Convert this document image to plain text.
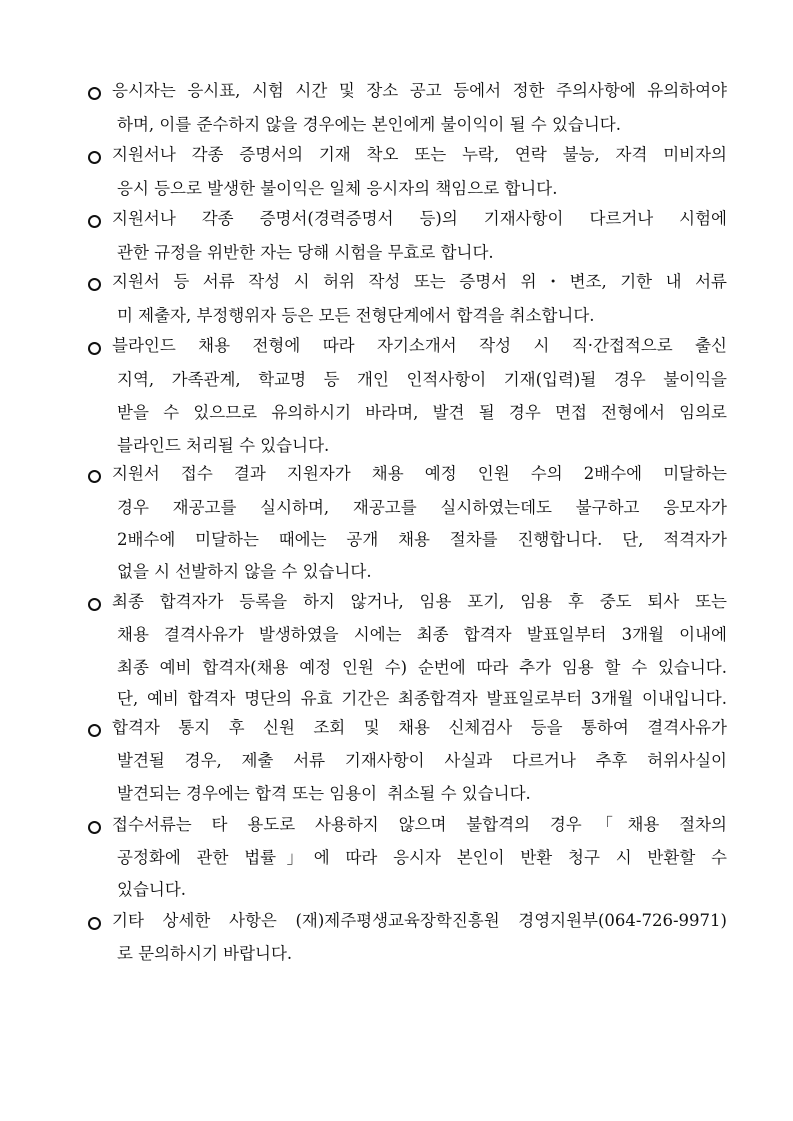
응시자는 응시표, 시험 시간 및 장소 공고 등에서 정한 주의사항에 유의하여야
하며, 이를 준수하지 않을 경우에는 본인에게 불이익이 될 수 있습니다.
지원서나 각종 증명서의 기재 착오 또는 누락, 연락 불능, 자격 미비자의
응시 등으로 발생한 불이익은 일체 응시자의 책임으로 합니다.
지원서나 각종 증명서(경력증명서 등)의 기재사항이 다르거나 시험에
관한 규정을 위반한 자는 당해 시험을 무효로 합니다.
지원서 등 서류 작성 시 허위 작성 또는 증명서 위・변조, 기한 내 서류
미 제출자, 부정행위자 등은 모든 전형단계에서 합격을 취소합니다.
블라인드 채용 전형에 따라 자기소개서 작성 시 직·간접적으로 출신
지역, 가족관계, 학교명 등 개인 인적사항이 기재(입력)될 경우 불이익을
받을 수 있으므로 유의하시기 바라며, 발견 될 경우 면접 전형에서 임의로
블라인드 처리될 수 있습니다.
지원서 접수 결과 지원자가 채용 예정 인원 수의 2배수에 미달하는
경우 재공고를 실시하며, 재공고를 실시하였는데도 불구하고 응모자가
2배수에 미달하는 때에는 공개 채용 절차를 진행합니다. 단, 적격자가
없을 시 선발하지 않을 수 있습니다.
최종 합격자가 등록을 하지 않거나, 임용 포기, 임용 후 중도 퇴사 또는
채용 결격사유가 발생하였을 시에는 최종 합격자 발표일부터 3개월 이내에
최종 예비 합격자(채용 예정 인원 수) 순번에 따라 추가 임용 할 수 있습니다.
단, 예비 합격자 명단의 유효 기간은 최종합격자 발표일로부터 3개월 이내입니다.
합격자 통지 후 신원 조회 및 채용 신체검사 등을 통하여 결격사유가
발견될 경우, 제출 서류 기재사항이 사실과 다르거나 추후 허위사실이
발견되는 경우에는 합격 또는 임용이  취소될 수 있습니다.
접수서류는 타 용도로 사용하지 않으며 불합격의 경우「채용 절차의
공정화에 관한 법률」에 따라 응시자 본인이 반환 청구 시 반환할 수
있습니다.
기타 상세한 사항은 (재)제주평생교육장학진흥원 경영지원부(064-726-9971)
로 문의하시기 바랍니다.
